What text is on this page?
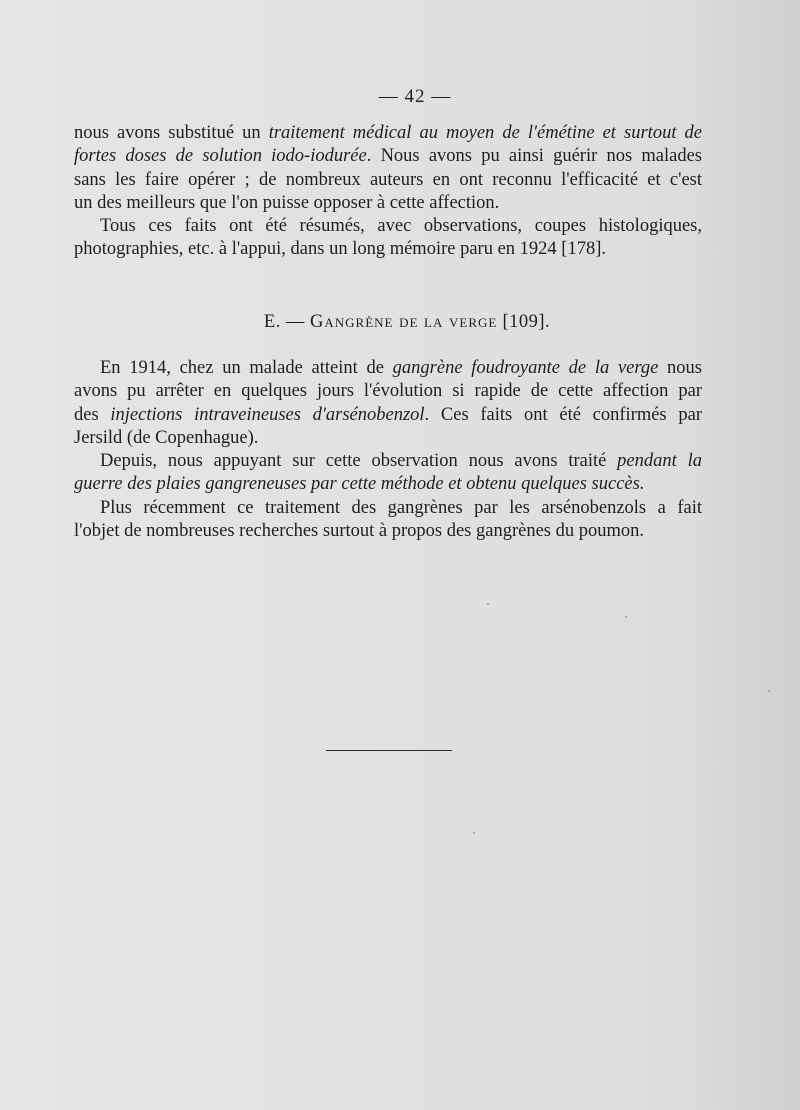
— 42 —

nous avons substitué un traitement médical au moyen de l'émétine et surtout de
fortes doses de solution iodo-iodurée. Nous avons pu ainsi guérir nos malades
sans les faire opérer ; de nombreux auteurs en ont reconnu l'efficacité et c'est
un des meilleurs que l'on puisse opposer à cette affection.

Tous ces faits ont été résumés, avec observations, coupes histologiques,
photographies, etc. à l'appui, dans un long mémoire paru en 1924 [178].

E. — Gangrène de la verge [109].

En 1914, chez un malade atteint de gangrène foudroyante de la verge nous
avons pu arrêter en quelques jours l'évolution si rapide de cette affection par
des injections intraveineuses d'arsénobenzol. Ces faits ont été confirmés par
Jersild (de Copenhague).

Depuis, nous appuyant sur cette observation nous avons traité pendant la
guerre des plaies gangreneuses par cette méthode et obtenu quelques succès.

Plus récemment ce traitement des gangrènes par les arsénobenzols a fait
l'objet de nombreuses recherches surtout à propos des gangrènes du poumon.
